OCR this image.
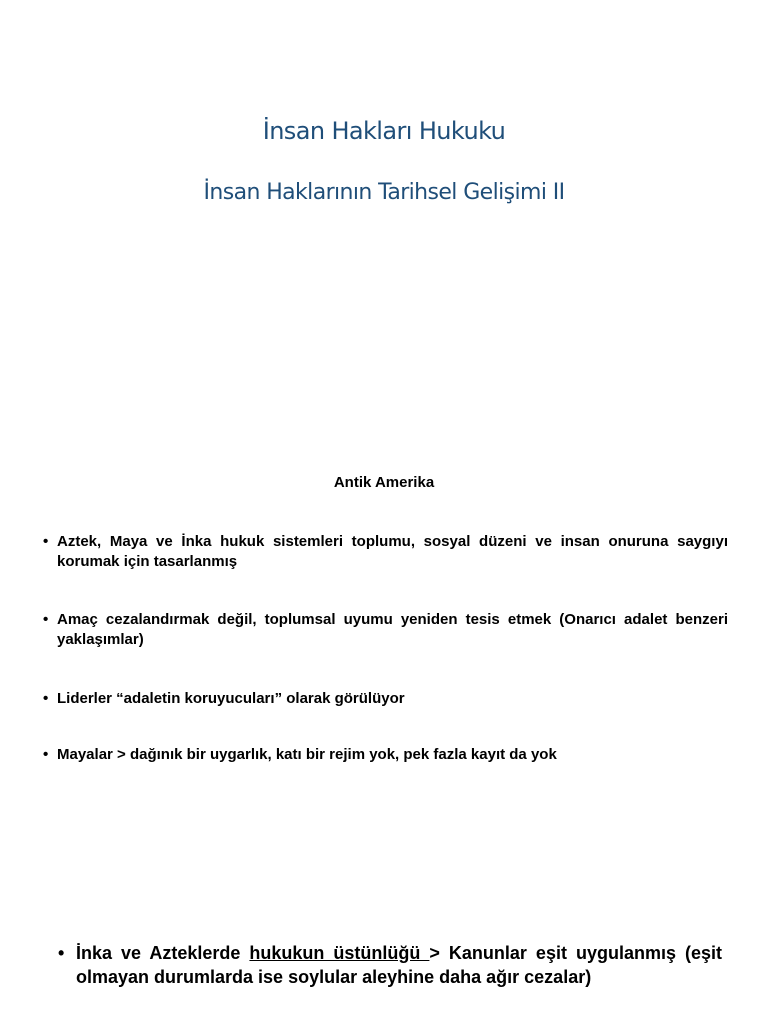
İnsan Hakları Hukuku
İnsan Haklarının Tarihsel Gelişimi II
Antik Amerika
• Aztek, Maya ve İnka hukuk sistemleri toplumu, sosyal düzeni ve insan onuruna saygıyı korumak için tasarlanmış
• Amaç cezalandırmak değil, toplumsal uyumu yeniden tesis etmek (Onarıcı adalet benzeri yaklaşımlar)
• Liderler “adaletin koruyucuları” olarak görülüyor
• Mayalar > dağınık bir uygarlık, katı bir rejim yok, pek fazla kayıt da yok
• İnka ve Azteklerde hukukun üstünlüğü > Kanunlar eşit uygulanmış (eşit olmayan durumlarda ise soylular aleyhine daha ağır cezalar)
